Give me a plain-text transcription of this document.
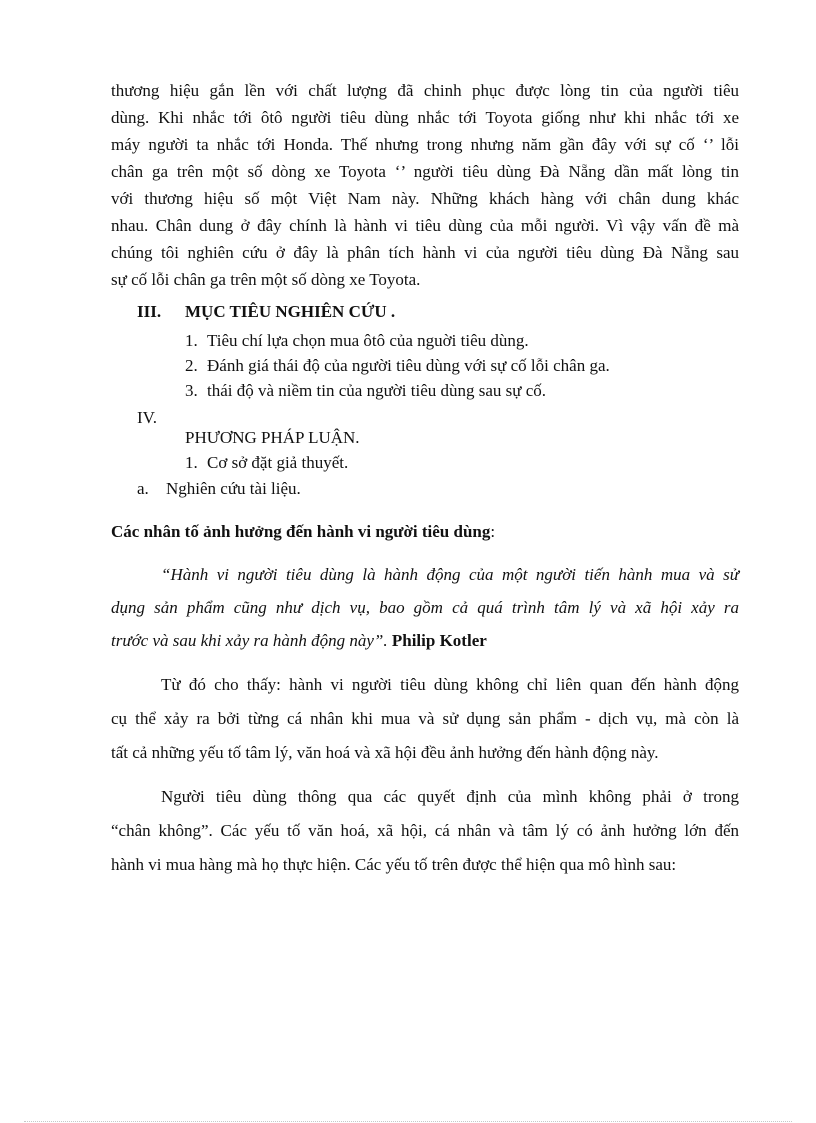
thương hiệu gắn lền với chất lượng đã chinh phục được lòng tin của người tiêu
dùng. Khi nhắc tới ôtô người tiêu dùng nhắc tới Toyota giống như khi nhắc tới xe
máy người ta nhắc tới Honda. Thế nhưng trong nhưng năm gần đây với sự cố ‘’ lỗi
chân ga trên một số dòng xe Toyota ‘’ người tiêu dùng Đà Nẵng dần mất lòng tin
với thương hiệu số một Việt Nam này. Những khách hàng với chân dung khác
nhau. Chân dung ở đây chính là hành vi tiêu dùng của mỗi người. Vì vậy vấn đề mà
chúng tôi nghiên cứu ở đây là phân tích hành vi của người tiêu dùng Đà Nẵng sau
sự cố lỗi chân ga trên một số dòng xe Toyota.
III. MỤC TIÊU NGHIÊN CỨU .
1. Tiêu chí lựa chọn mua ôtô của nguời tiêu dùng.
2. Đánh giá thái độ của người tiêu dùng với sự cố lỗi chân ga.
3. thái độ và niềm tin của người tiêu dùng sau sự cố.
IV.
PHƯƠNG PHÁP LUẬN.
1. Cơ sở đặt giả thuyết.
a. Nghiên cứu tài liệu.
Các nhân tố ảnh hưởng đến hành vi người tiêu dùng:
“Hành vi người tiêu dùng là hành động của một người tiến hành mua và sử
dụng sản phẩm cũng như dịch vụ, bao gồm cả quá trình tâm lý và xã hội xảy ra
trước và sau khi xảy ra hành động này”. Philip Kotler
Từ đó cho thấy: hành vi người tiêu dùng không chỉ liên quan đến hành động
cụ thể xảy ra bởi từng cá nhân khi mua và sử dụng sản phẩm - dịch vụ, mà còn là
tất cả những yếu tố tâm lý, văn hoá và xã hội đều ảnh hưởng đến hành động này.
Người tiêu dùng thông qua các quyết định của mình không phải ở trong
“chân không”. Các yếu tố văn hoá, xã hội, cá nhân và tâm lý có ảnh hưởng lớn đến
hành vi mua hàng mà họ thực hiện. Các yếu tố trên được thể hiện qua mô hình sau:
